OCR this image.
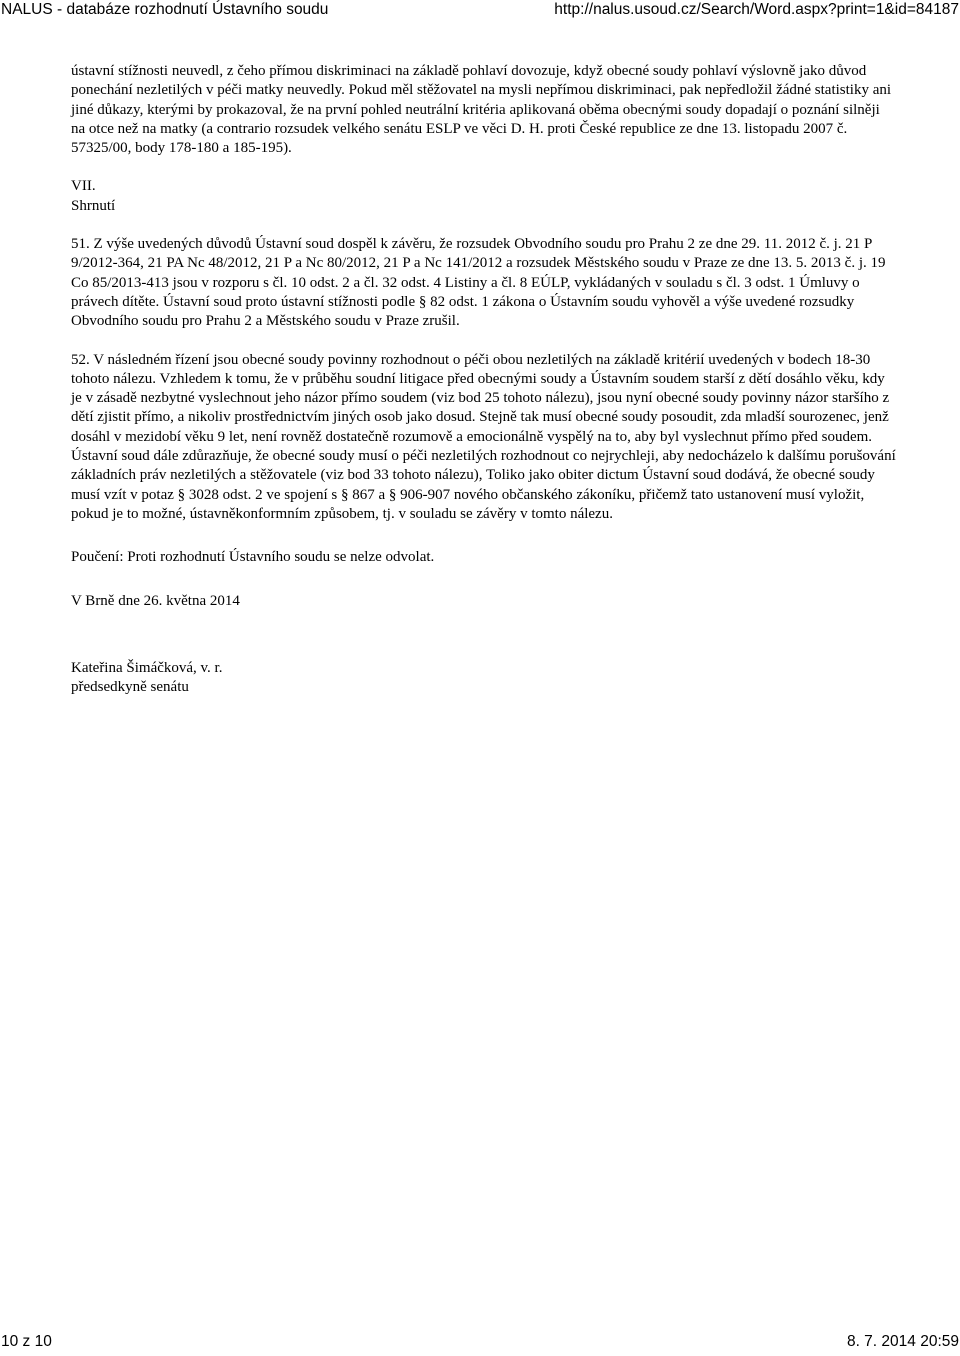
NALUS - databáze rozhodnutí Ústavního soudu	http://nalus.usoud.cz/Search/Word.aspx?print=1&id=84187

ústavní stížnosti neuvedl, z čeho přímou diskriminaci na základě pohlaví dovozuje, když obecné soudy pohlaví výslovně jako důvod ponechání nezletilých v péči matky neuvedly. Pokud měl stěžovatel na mysli nepřímou diskriminaci, pak nepředložil žádné statistiky ani jiné důkazy, kterými by prokazoval, že na první pohled neutrální kritéria aplikovaná oběma obecnými soudy dopadají o poznání silněji na otce než na matky (a contrario rozsudek velkého senátu ESLP ve věci D. H. proti České republice ze dne 13. listopadu 2007 č. 57325/00, body 178-180 a 185-195).

VII.

Shrnutí

51. Z výše uvedených důvodů Ústavní soud dospěl k závěru, že rozsudek Obvodního soudu pro Prahu 2 ze dne 29. 11. 2012 č. j. 21 P 9/2012-364, 21 PA Nc 48/2012, 21 P a Nc 80/2012, 21 P a Nc 141/2012 a rozsudek Městského soudu v Praze ze dne 13. 5. 2013 č. j. 19 Co 85/2013-413 jsou v rozporu s čl. 10 odst. 2 a čl. 32 odst. 4 Listiny a čl. 8 EÚLP, vykládaných v souladu s čl. 3 odst. 1 Úmluvy o právech dítěte. Ústavní soud proto ústavní stížnosti podle § 82 odst. 1 zákona o Ústavním soudu vyhověl a výše uvedené rozsudky Obvodního soudu pro Prahu 2 a Městského soudu v Praze zrušil.

52. V následném řízení jsou obecné soudy povinny rozhodnout o péči obou nezletilých na základě kritérií uvedených v bodech 18-30 tohoto nálezu. Vzhledem k tomu, že v průběhu soudní litigace před obecnými soudy a Ústavním soudem starší z dětí dosáhlo věku, kdy je v zásadě nezbytné vyslechnout jeho názor přímo soudem (viz bod 25 tohoto nálezu), jsou nyní obecné soudy povinny názor staršího z dětí zjistit přímo, a nikoliv prostřednictvím jiných osob jako dosud. Stejně tak musí obecné soudy posoudit, zda mladší sourozenec, jenž dosáhl v mezidobí věku 9 let, není rovněž dostatečně rozumově a emocionálně vyspělý na to, aby byl vyslechnut přímo před soudem. Ústavní soud dále zdůrazňuje, že obecné soudy musí o péči nezletilých rozhodnout co nejrychleji, aby nedocházelo k dalšímu porušování základních práv nezletilých a stěžovatele (viz bod 33 tohoto nálezu), Toliko jako obiter dictum Ústavní soud dodává, že obecné soudy musí vzít v potaz § 3028 odst. 2 ve spojení s § 867 a § 906-907 nového občanského zákoníku, přičemž tato ustanovení musí vyložit, pokud je to možné, ústavněkonformním způsobem, tj. v souladu se závěry v tomto nálezu.

Poučení: Proti rozhodnutí Ústavního soudu se nelze odvolat.

V Brně dne 26. května 2014

Kateřina Šimáčková, v. r.

předsedkyně senátu

10 z 10	8. 7. 2014 20:59
